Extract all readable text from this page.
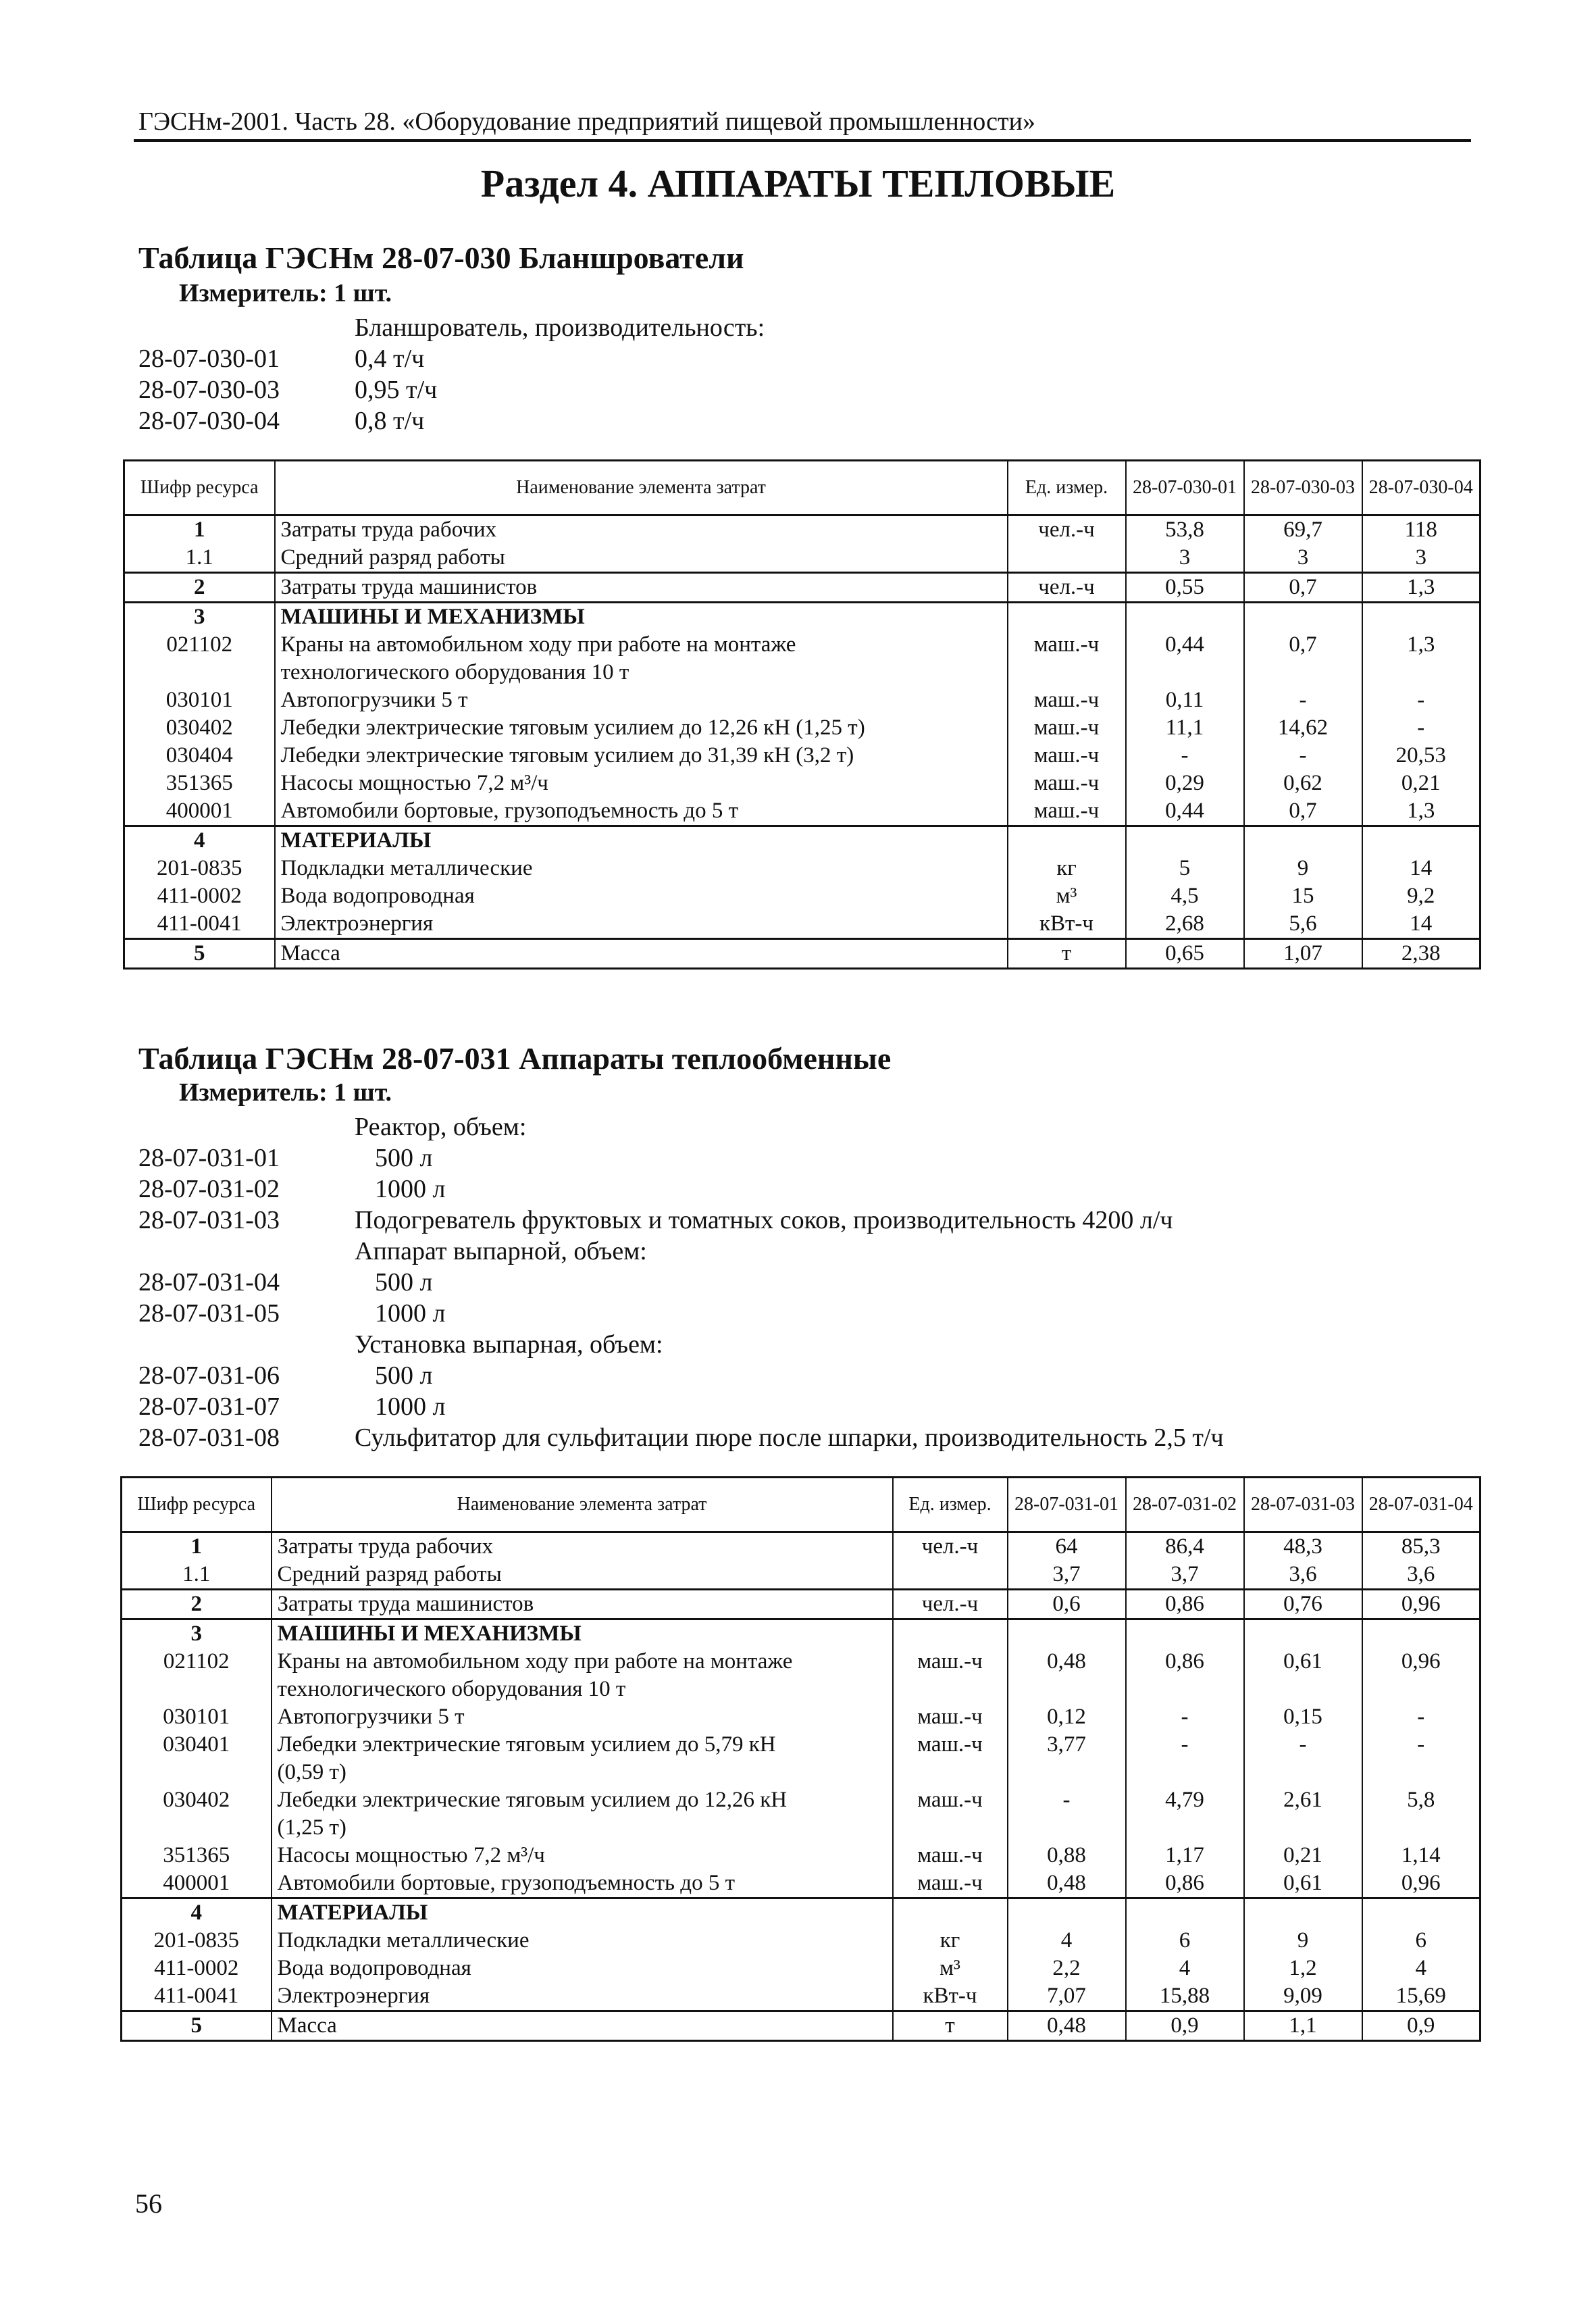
ГЭСНм-2001. Часть 28. «Оборудование предприятий пищевой промышленности»
Раздел 4. АППАРАТЫ ТЕПЛОВЫЕ
Таблица ГЭСНм 28-07-030 Бланшрователи
Измеритель: 1 шт.
Бланшрователь, производительность:
28-07-030-01	0,4 т/ч
28-07-030-03	0,95 т/ч
28-07-030-04	0,8 т/ч
Шифр ресурса	Наименование элемента затрат	Ед. измер.	28-07-030-01	28-07-030-03	28-07-030-04
1	Затраты труда рабочих	чел.-ч	53,8	69,7	118
1.1	Средний разряд работы		3	3	3
2	Затраты труда машинистов	чел.-ч	0,55	0,7	1,3
3	МАШИНЫ И МЕХАНИЗМЫ				

021102	Краны на автомобильном ходу при работе на монтаже
технологического оборудования 10 т	маш.-ч	0,44	0,7	1,3
030101	Автопогрузчики 5 т	маш.-ч	0,11	-	-
030402	Лебедки электрические тяговым усилием до 12,26 кН (1,25 т)	маш.-ч	11,1	14,62	-
030404	Лебедки электрические тяговым усилием до 31,39 кН (3,2 т)	маш.-ч	-	-	20,53
351365	Насосы мощностью 7,2 м³/ч	маш.-ч	0,29	0,62	0,21
400001	Автомобили бортовые, грузоподъемность до 5 т	маш.-ч	0,44	0,7	1,3
4	МАТЕРИАЛЫ				

201-0835	Подкладки металлические	кг	5	9	14
411-0002	Вода водопроводная	м³	4,5	15	9,2
411-0041	Электроэнергия	кВт-ч	2,68	5,6	14
5	Масса	т	0,65	1,07	2,38
Таблица ГЭСНм 28-07-031 Аппараты теплообменные
Измеритель: 1 шт.
Реактор, объем:
28-07-031-01	500 л
28-07-031-02	1000 л
28-07-031-03	Подогреватель фруктовых и томатных соков, производительность 4200 л/ч
Аппарат выпарной, объем:
28-07-031-04	500 л
28-07-031-05	1000 л
Установка выпарная, объем:
28-07-031-06	500 л
28-07-031-07	1000 л
28-07-031-08	Сульфитатор для сульфитации пюре после шпарки, производительность 2,5 т/ч
Шифр ресурса	Наименование элемента затрат	Ед. измер.	28-07-031-01	28-07-031-02	28-07-031-03	28-07-031-04
1	Затраты труда рабочих	чел.-ч	64	86,4	48,3	85,3
1.1	Средний разряд работы		3,7	3,7	3,6	3,6
2	Затраты труда машинистов	чел.-ч	0,6	0,86	0,76	0,96
3	МАШИНЫ И МЕХАНИЗМЫ					

021102	Краны на автомобильном ходу при работе на монтаже
технологического оборудования 10 т	маш.-ч	0,48	0,86	0,61	0,96
030101	Автопогрузчики 5 т	маш.-ч	0,12	-	0,15	-
030401	Лебедки электрические тяговым усилием до 5,79 кН
(0,59 т)	маш.-ч	3,77	-	-	-
030402	Лебедки электрические тяговым усилием до 12,26 кН
(1,25 т)	маш.-ч	-	4,79	2,61	5,8
351365	Насосы мощностью 7,2 м³/ч	маш.-ч	0,88	1,17	0,21	1,14
400001	Автомобили бортовые, грузоподъемность до 5 т	маш.-ч	0,48	0,86	0,61	0,96
4	МАТЕРИАЛЫ					

201-0835	Подкладки металлические	кг	4	6	9	6
411-0002	Вода водопроводная	м³	2,2	4	1,2	4
411-0041	Электроэнергия	кВт-ч	7,07	15,88	9,09	15,69
5	Масса	т	0,48	0,9	1,1	0,9
56
